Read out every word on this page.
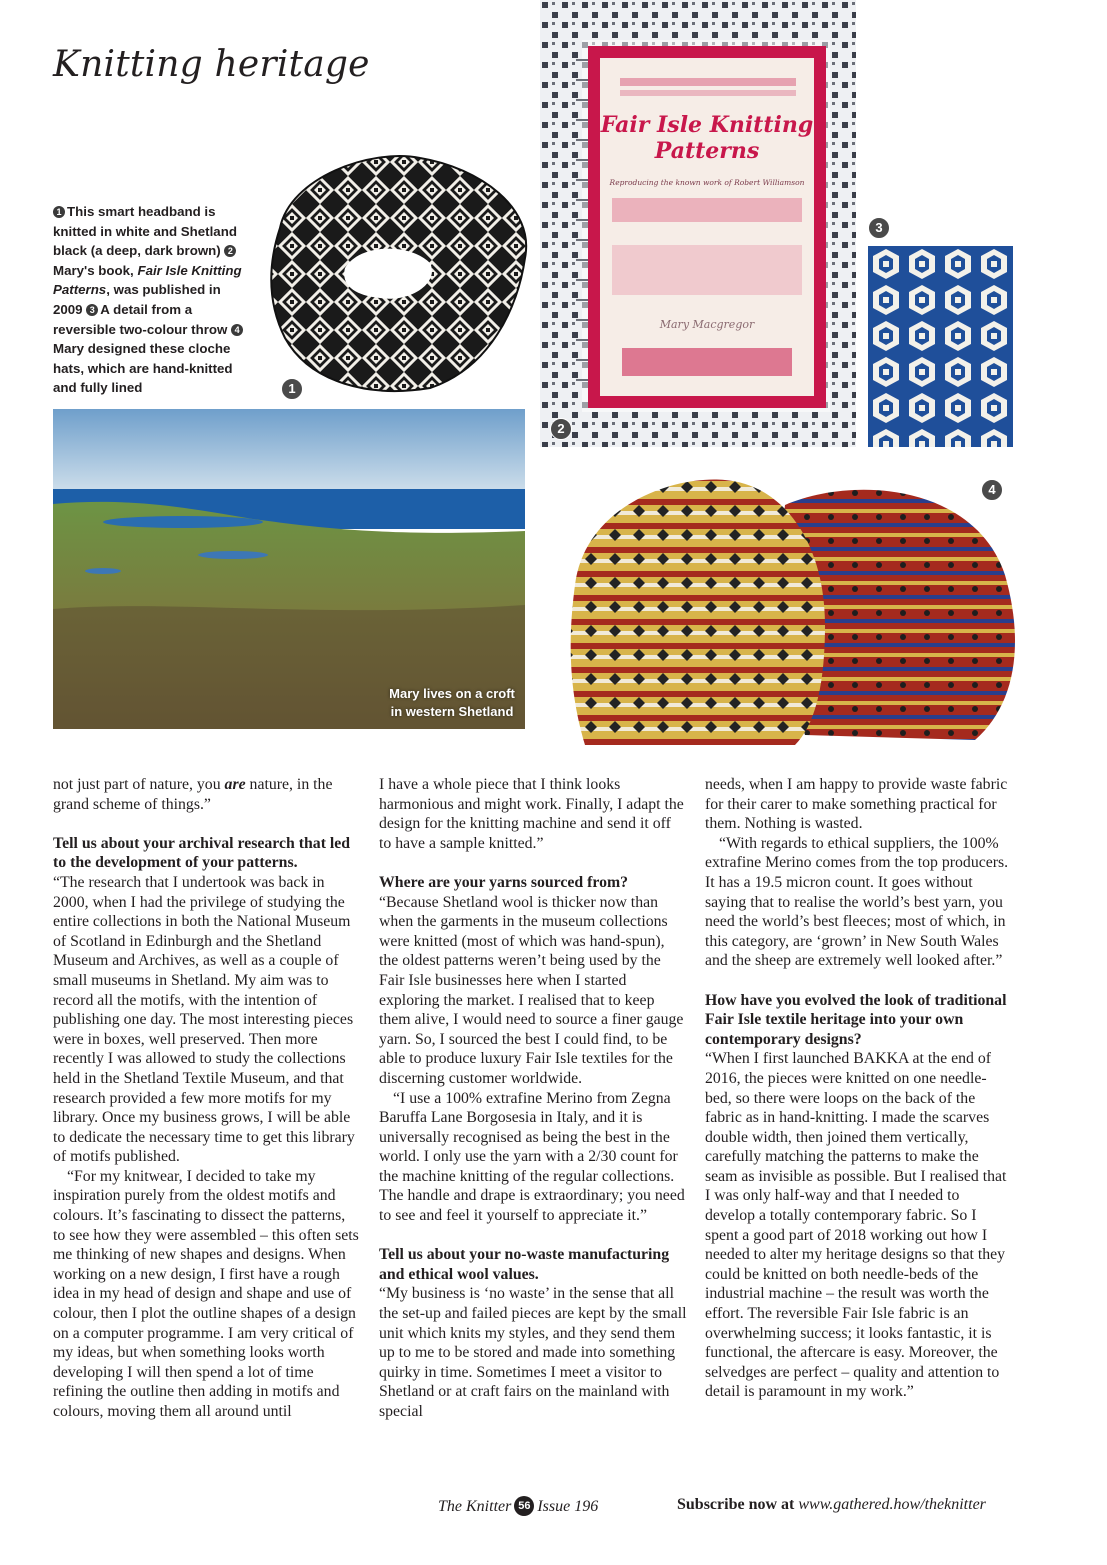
Knitting heritage
1 This smart headband is knitted in white and Shetland black (a deep, dark brown) 2Mary's book, Fair Isle Knitting Patterns, was published in 2009 3 A detail from a reversible two-colour throw 4Mary designed these cloche hats, which are hand-knitted and fully lined	1
Fair Isle Knitting
Patterns
Reproducing the known work of Robert Williamson
Mary Macgregor
2
3
Mary lives on a croft
in western Shetland
4

not just part of nature, you are nature, in the grand scheme of things.”

Tell us about your archival research that led to the development of your patterns.

“The research that I undertook was back in 2000, when I had the privilege of studying the entire collections in both the National Museum of Scotland in Edinburgh and the Shetland Museum and Archives, as well as a couple of small museums in Shetland. My aim was to record all the motifs, with the intention of publishing one day. The most interesting pieces were in boxes, well preserved. Then more recently I was allowed to study the collections held in the Shetland Textile Museum, and that research provided a few more motifs for my library. Once my business grows, I will be able to dedicate the necessary time to get this library of motifs published.

“For my knitwear, I decided to take my inspiration purely from the oldest motifs and colours. It’s fascinating to dissect the patterns, to see how they were assembled – this often sets me thinking of new shapes and designs. When working on a new design, I first have a rough idea in my head of design and shape and use of colour, then I plot the outline shapes of a design on a computer programme. I am very critical of my ideas, but when something looks worth developing I will then spend a lot of time refining the outline then adding in motifs and colours, moving them all around until

I have a whole piece that I think looks harmonious and might work. Finally, I adapt the design for the knitting machine and send it off to have a sample knitted.”

Where are your yarns sourced from?

“Because Shetland wool is thicker now than when the garments in the museum collections were knitted (most of which was hand-spun), the oldest patterns weren’t being used by the Fair Isle businesses here when I started exploring the market. I realised that to keep them alive, I would need to source a finer gauge yarn. So, I sourced the best I could find, to be able to produce luxury Fair Isle textiles for the discerning customer worldwide.

“I use a 100% extrafine Merino from Zegna Baruffa Lane Borgosesia in Italy, and it is universally recognised as being the best in the world. I only use the yarn with a 2/30 count for the machine knitting of the regular collections. The handle and drape is extraordinary; you need to see and feel it yourself to appreciate it.”

Tell us about your no-waste manufacturing and ethical wool values.

“My business is ‘no waste’ in the sense that all the set-up and failed pieces are kept by the small unit which knits my styles, and they send them up to me to be stored and made into something quirky in time. Sometimes I meet a visitor to Shetland or at craft fairs on the mainland with special

needs, when I am happy to provide waste fabric for their carer to make something practical for them. Nothing is wasted.

“With regards to ethical suppliers, the 100% extrafine Merino comes from the top producers. It has a 19.5 micron count. It goes without saying that to realise the world’s best yarn, you need the world’s best fleeces; most of which, in this category, are ‘grown’ in New South Wales and the sheep are extremely well looked after.”

How have you evolved the look of traditional Fair Isle textile heritage into your own contemporary designs?

“When I first launched BAKKA at the end of 2016, the pieces were knitted on one needle-bed, so there were loops on the back of the fabric as in hand-knitting. I made the scarves double width, then joined them vertically, carefully matching the patterns to make the seam as invisible as possible. But I realised that I was only half-way and that I needed to develop a totally contemporary fabric. So I spent a good part of 2018 working out how I needed to alter my heritage designs so that they could be knitted on both needle-beds of the industrial machine – the result was worth the effort. The reversible Fair Isle fabric is an overwhelming success; it looks fantastic, it is functional, the aftercare is easy. Moreover, the selvedges are perfect – quality and attention to detail is paramount in my work.”

The Knitter 56 Issue 196	Subscribe now at www.gathered.how/theknitter
